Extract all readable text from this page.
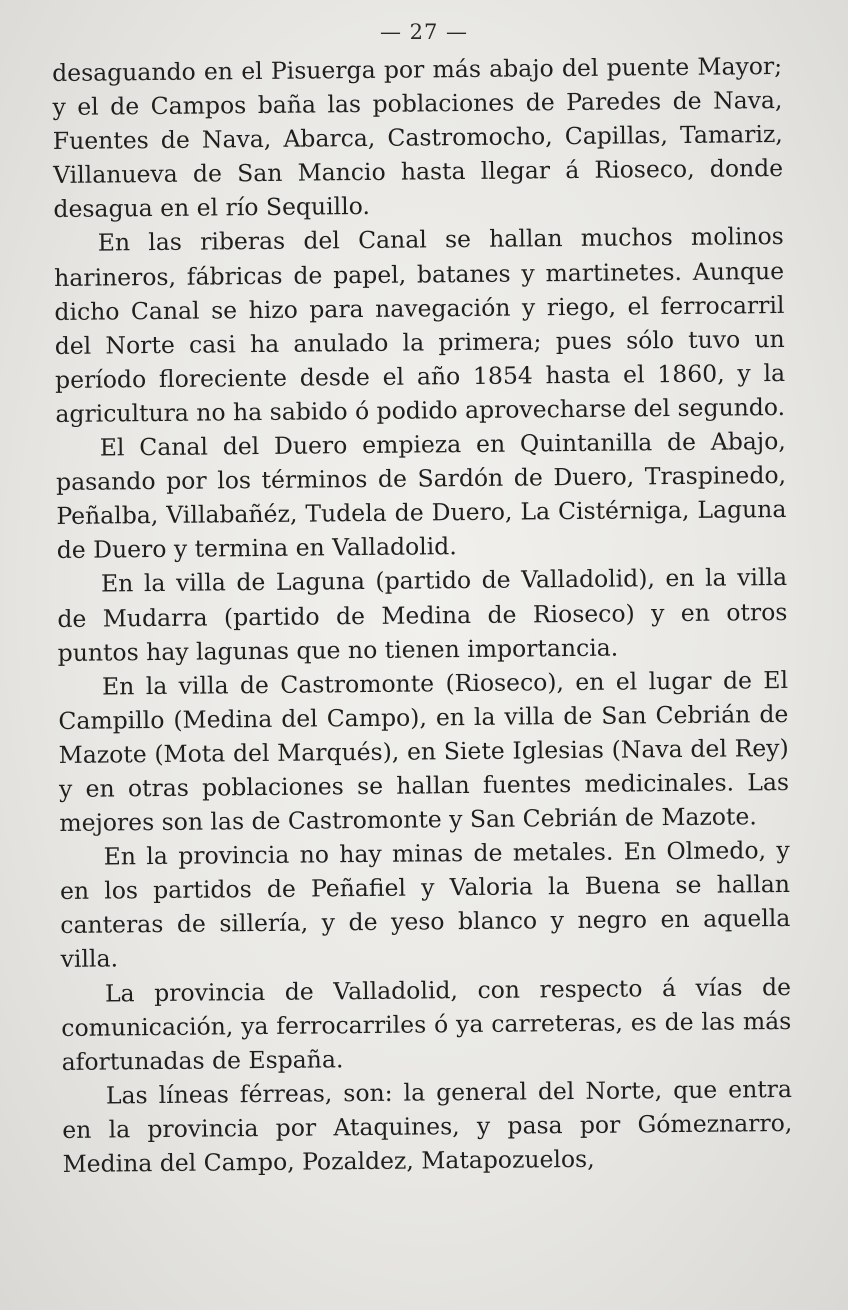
— 27 —

desaguando en el Pisuerga por más abajo del puente Mayor; y el de Campos baña las poblaciones de Paredes de Nava, Fuentes de Nava, Abarca, Castromocho, Capillas, Tamariz, Villanueva de San Mancio hasta llegar á Rioseco, donde desagua en el río Sequillo.

En las riberas del Canal se hallan muchos molinos harineros, fábricas de papel, batanes y martinetes. Aunque dicho Canal se hizo para navegación y riego, el ferrocarril del Norte casi ha anulado la primera; pues sólo tuvo un período floreciente desde el año 1854 hasta el 1860, y la agricultura no ha sabido ó podido aprovecharse del segundo.

El Canal del Duero empieza en Quintanilla de Abajo, pasando por los términos de Sardón de Duero, Traspinedo, Peñalba, Villabañéz, Tudela de Duero, La Cistérniga, Laguna de Duero y termina en Valladolid.

En la villa de Laguna (partido de Valladolid), en la villa de Mudarra (partido de Medina de Rioseco) y en otros puntos hay lagunas que no tienen importancia.

En la villa de Castromonte (Rioseco), en el lugar de El Campillo (Medina del Campo), en la villa de San Cebrián de Mazote (Mota del Marqués), en Siete Iglesias (Nava del Rey) y en otras poblaciones se hallan fuentes medicinales. Las mejores son las de Castromonte y San Cebrián de Mazote.

En la provincia no hay minas de metales. En Olmedo, y en los partidos de Peñafiel y Valoria la Buena se hallan canteras de sillería, y de yeso blanco y negro en aquella villa.

La provincia de Valladolid, con respecto á vías de comunicación, ya ferrocarriles ó ya carreteras, es de las más afortunadas de España.

Las líneas férreas, son: la general del Norte, que entra en la provincia por Ataquines, y pasa por Gómeznarro, Medina del Campo, Pozaldez, Matapozuelos,
